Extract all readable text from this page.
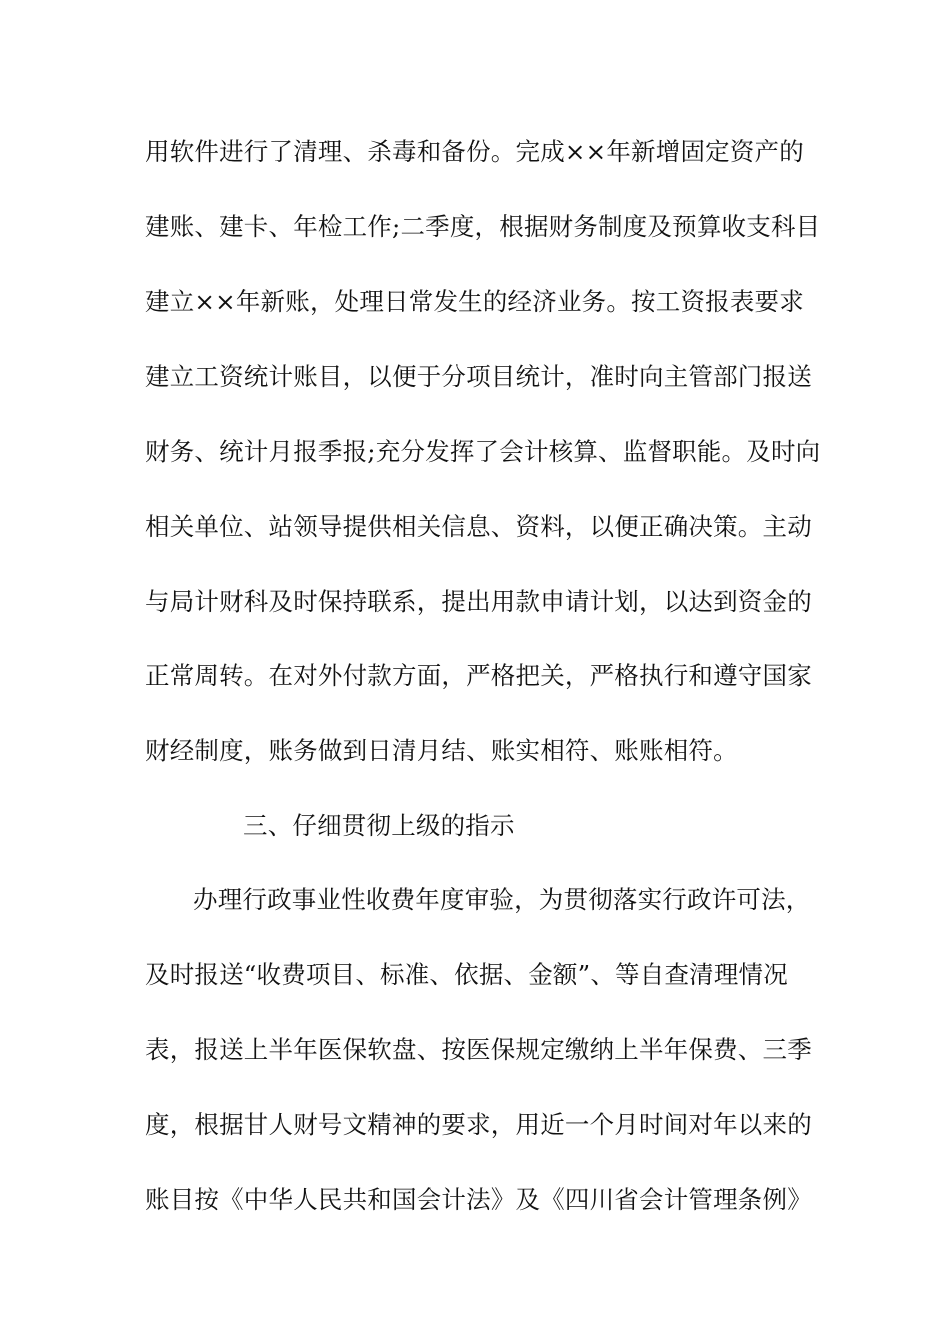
用软件进行了清理、杀毒和备份。完成××年新增固定资产的
建账、建卡、年检工作;二季度，根据财务制度及预算收支科目
建立××年新账，处理日常发生的经济业务。按工资报表要求
建立工资统计账目，以便于分项目统计，准时向主管部门报送
财务、统计月报季报;充分发挥了会计核算、监督职能。及时向
相关单位、站领导提供相关信息、资料，以便正确决策。主动
与局计财科及时保持联系，提出用款申请计划，以达到资金的
正常周转。在对外付款方面，严格把关，严格执行和遵守国家
财经制度，账务做到日清月结、账实相符、账账相符。
三、仔细贯彻上级的指示
办理行政事业性收费年度审验，为贯彻落实行政许可法，
及时报送“收费项目、标准、依据、金额”、等自查清理情况
表，报送上半年医保软盘、按医保规定缴纳上半年保费、三季
度，根据甘人财号文精神的要求，用近一个月时间对年以来的
账目按《中华人民共和国会计法》及《四川省会计管理条例》
